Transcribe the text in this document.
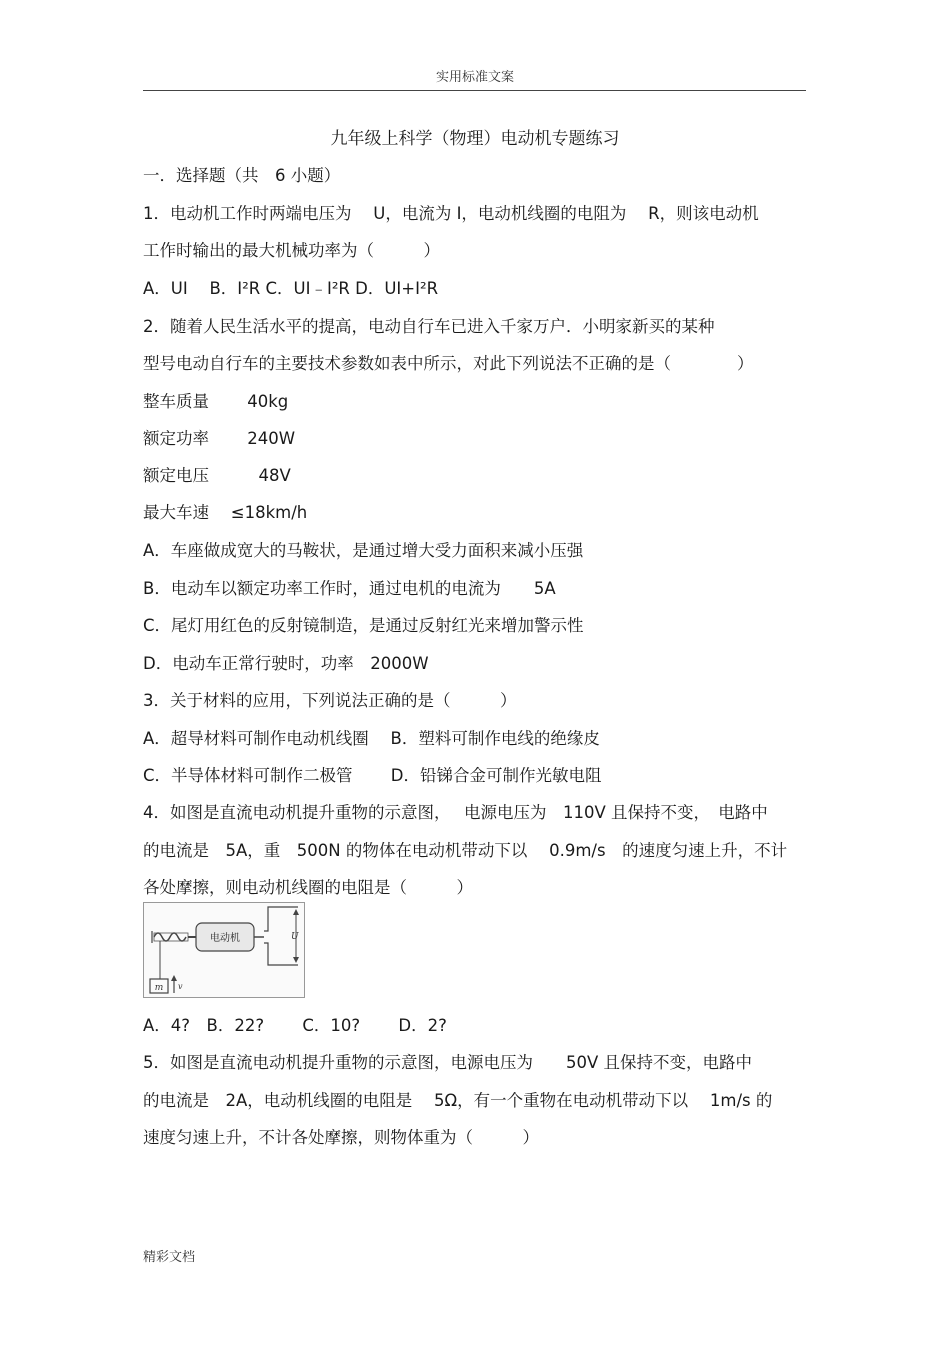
实用标准文案
九年级上科学（物理）电动机专题练习
一．选择题（共　6 小题）
1．电动机工作时两端电压为　 U，电流为 I，电动机线圈的电阻为　 R，则该电动机
工作时输出的最大机械功率为（　　　）
A．UI　 B．I²R C．UI﹣I²R D．UI+I²R
2．随着人民生活水平的提高，电动自行车已进入千家万户．小明家新买的某种
型号电动自行车的主要技术参数如表中所示，对此下列说法不正确的是（　　　　）
整车质量　　 40kg
额定功率　　 240W
额定电压　　　48V
最大车速　 ≤18km/h
A．车座做成宽大的马鞍状，是通过增大受力面积来减小压强
B．电动车以额定功率工作时，通过电机的电流为　　5A
C．尾灯用红色的反射镜制造，是通过反射红光来增加警示性
D．电动车正常行驶时，功率　2000W
3．关于材料的应用，下列说法正确的是（　　　）
A．超导材料可制作电动机线圈　 B．塑料可制作电线的绝缘皮
C．半导体材料可制作二极管　　 D．铅锑合金可制作光敏电阻
4．如图是直流电动机提升重物的示意图，　 电源电压为　110V 且保持不变，　电路中
的电流是　5A，重　500N 的物体在电动机带动下以　 0.9m/s　的速度匀速上升，不计
各处摩擦，则电动机线圈的电阻是（　　　）
电动机	U
m v
A．4?　B．22?　　 C．10?　　 D．2?
5．如图是直流电动机提升重物的示意图，电源电压为　　50V 且保持不变，电路中
的电流是　2A，电动机线圈的电阻是　 5Ω，有一个重物在电动机带动下以　 1m/s 的
速度匀速上升，不计各处摩擦，则物体重为（　　　）
精彩文档
